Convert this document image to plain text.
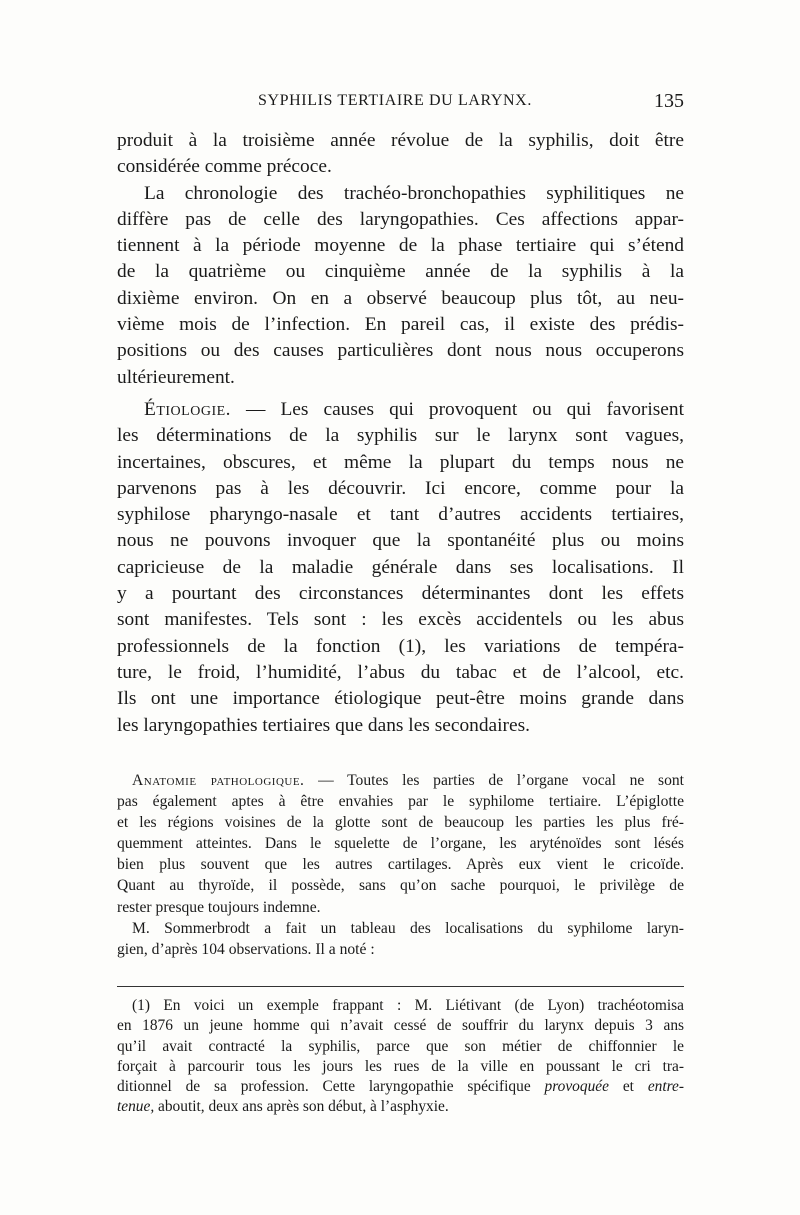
SYPHILIS TERTIAIRE DU LARYNX.	135

produit à la troisième année révolue de la syphilis, doit être
considérée comme précoce.

La chronologie des trachéo-bronchopathies syphilitiques ne
diffère pas de celle des laryngopathies. Ces affections appar-
tiennent à la période moyenne de la phase tertiaire qui s’étend
de la quatrième ou cinquième année de la syphilis à la
dixième environ. On en a observé beaucoup plus tôt, au neu-
vième mois de l’infection. En pareil cas, il existe des prédis-
positions ou des causes particulières dont nous nous occuperons
ultérieurement.

Étiologie. — Les causes qui provoquent ou qui favorisent
les déterminations de la syphilis sur le larynx sont vagues,
incertaines, obscures, et même la plupart du temps nous ne
parvenons pas à les découvrir. Ici encore, comme pour la
syphilose pharyngo-nasale et tant d’autres accidents tertiaires,
nous ne pouvons invoquer que la spontanéité plus ou moins
capricieuse de la maladie générale dans ses localisations. Il
y a pourtant des circonstances déterminantes dont les effets
sont manifestes. Tels sont : les excès accidentels ou les abus
professionnels de la fonction (1), les variations de tempéra-
ture, le froid, l’humidité, l’abus du tabac et de l’alcool, etc.
Ils ont une importance étiologique peut-être moins grande dans
les laryngopathies tertiaires que dans les secondaires.

Anatomie pathologique. — Toutes les parties de l’organe vocal ne sont
pas également aptes à être envahies par le syphilome tertiaire. L’épiglotte
et les régions voisines de la glotte sont de beaucoup les parties les plus fré-
quemment atteintes. Dans le squelette de l’organe, les aryténoïdes sont lésés
bien plus souvent que les autres cartilages. Après eux vient le cricoïde.
Quant au thyroïde, il possède, sans qu’on sache pourquoi, le privilège de
rester presque toujours indemne.
M. Sommerbrodt a fait un tableau des localisations du syphilome laryn-
gien, d’après 104 observations. Il a noté :
(1) En voici un exemple frappant : M. Liétivant (de Lyon) trachéotomisa
en 1876 un jeune homme qui n’avait cessé de souffrir du larynx depuis 3 ans
qu’il avait contracté la syphilis, parce que son métier de chiffonnier le
forçait à parcourir tous les jours les rues de la ville en poussant le cri tra-
ditionnel de sa profession. Cette laryngopathie spécifique provoquée et entre-
tenue, aboutit, deux ans après son début, à l’asphyxie.
